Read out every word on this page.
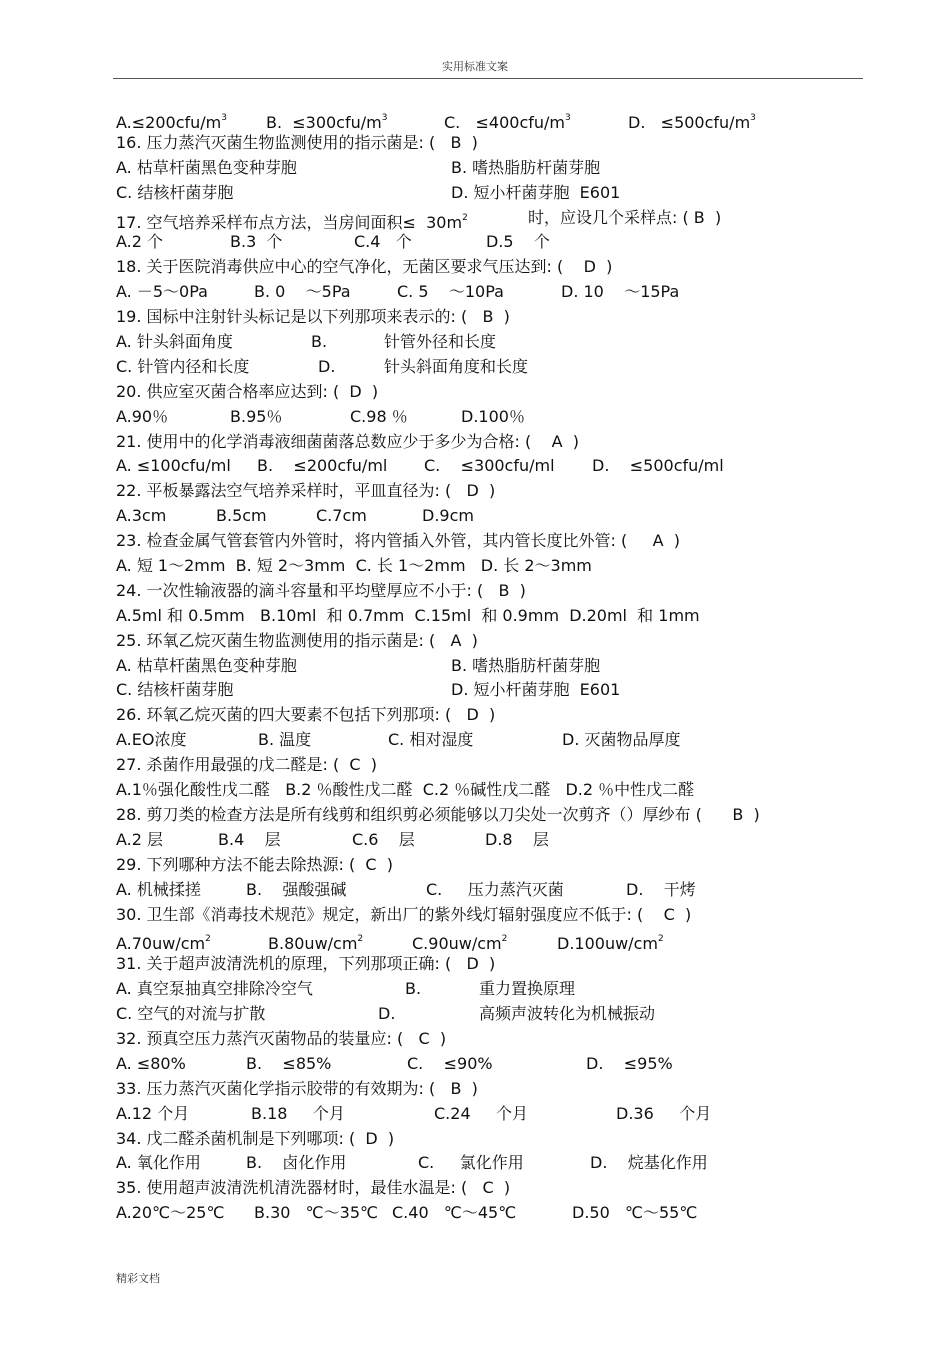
实用标准文案
$A.\le 200cfu/m^3$ B.  $\le 300cfu/m^3$	C.   $\le 400cfu/m^3$	D.   $\le 500cfu/m^3$
16. 压力蒸汽灭菌生物监测使用的指示菌是: (   B  )
A. 枯草杆菌黑色变种芽胞	B. 嗜热脂肪杆菌芽胞
C. 结核杆菌芽胞	D. 短小杆菌芽胞  E601
17. 空气培养采样布点方法，当房间面积≤  $30m^2$	时，应设几个采样点: ( B  )
A.2 个	B.3  个	C.4   个	D.5    个
18. 关于医院消毒供应中心的空气净化，无菌区要求气压达到: (    D  )
A. －5～0Pa	B. 0    ～5Pa	C. 5    ～10Pa	D. 10    ～15Pa
19. 国标中注射针头标记是以下列那项来表示的: (   B  )
A. 针头斜面角度	B.	针管外径和长度
C. 针管内径和长度	D.	针头斜面角度和长度
20. 供应室灭菌合格率应达到: (  D  )
A.90％	B.95％	C.98 ％	D.100％
21. 使用中的化学消毒液细菌菌落总数应少于多少为合格: (    A  )
A. ≤100cfu/ml B.    ≤200cfu/ml C.    ≤300cfu/ml D.    ≤500cfu/ml
22. 平板暴露法空气培养采样时，平皿直径为: (   D  )
A.3cm	B.5cm	C.7cm	D.9cm
23. 检查金属气管套管内外管时，将内管插入外管，其内管长度比外管: (     A  )
A. 短 1～2mm  B. 短 2～3mm  C. 长 1～2mm   D. 长 2～3mm
24. 一次性输液器的滴斗容量和平均壁厚应不小于: (   B  )
A.5ml 和 0.5mm   B.10ml  和 0.7mm  C.15ml  和 0.9mm  D.20ml  和 1mm
25. 环氧乙烷灭菌生物监测使用的指示菌是: (   A  )
A. 枯草杆菌黑色变种芽胞	B. 嗜热脂肪杆菌芽胞
C. 结核杆菌芽胞	D. 短小杆菌芽胞  E601
26. 环氧乙烷灭菌的四大要素不包括下列那项: (   D  )
A.EO浓度	B. 温度	C. 相对湿度	D. 灭菌物品厚度
27. 杀菌作用最强的戊二醛是: (  C  )
A.1％强化酸性戊二醛   B.2 ％酸性戊二醛  C.2 ％碱性戊二醛   D.2 ％中性戊二醛
28. 剪刀类的检查方法是所有线剪和组织剪必须能够以刀尖处一次剪齐（）厚纱布 (      B  )
A.2 层	B.4    层	C.6    层	D.8    层
29. 下列哪种方法不能去除热源: (  C  )
A. 机械揉搓	B.    强酸强碱	C.     压力蒸汽灭菌	D.    干烤
30. 卫生部《消毒技术规范》规定，新出厂的紫外线灯辐射强度应不低于: (    C  )
$A.70uw/cm^2$	$B.80uw/cm^2$	$C.90uw/cm^2$	$D.100uw/cm^2$
31. 关于超声波清洗机的原理，下列那项正确: (   D  )
A. 真空泵抽真空排除冷空气	B.	重力置换原理
C. 空气的对流与扩散	D.	高频声波转化为机械振动
32. 预真空压力蒸汽灭菌物品的装量应: (   C  )
A. ≤80%	B.    ≤85%	C.    ≤90%	D.    ≤95%
33. 压力蒸汽灭菌化学指示胶带的有效期为: (   B  )
A.12 个月	B.18     个月	C.24     个月	D.36     个月
34. 戊二醛杀菌机制是下列哪项: (  D  )
A. 氧化作用	B.    卤化作用	C.     氯化作用	D.    烷基化作用
35. 使用超声波清洗机清洗器材时，最佳水温是: (   C  )
A.20℃～25℃ B.30   ℃～35℃ C.40   ℃～45℃	D.50   ℃～55℃
精彩文档
